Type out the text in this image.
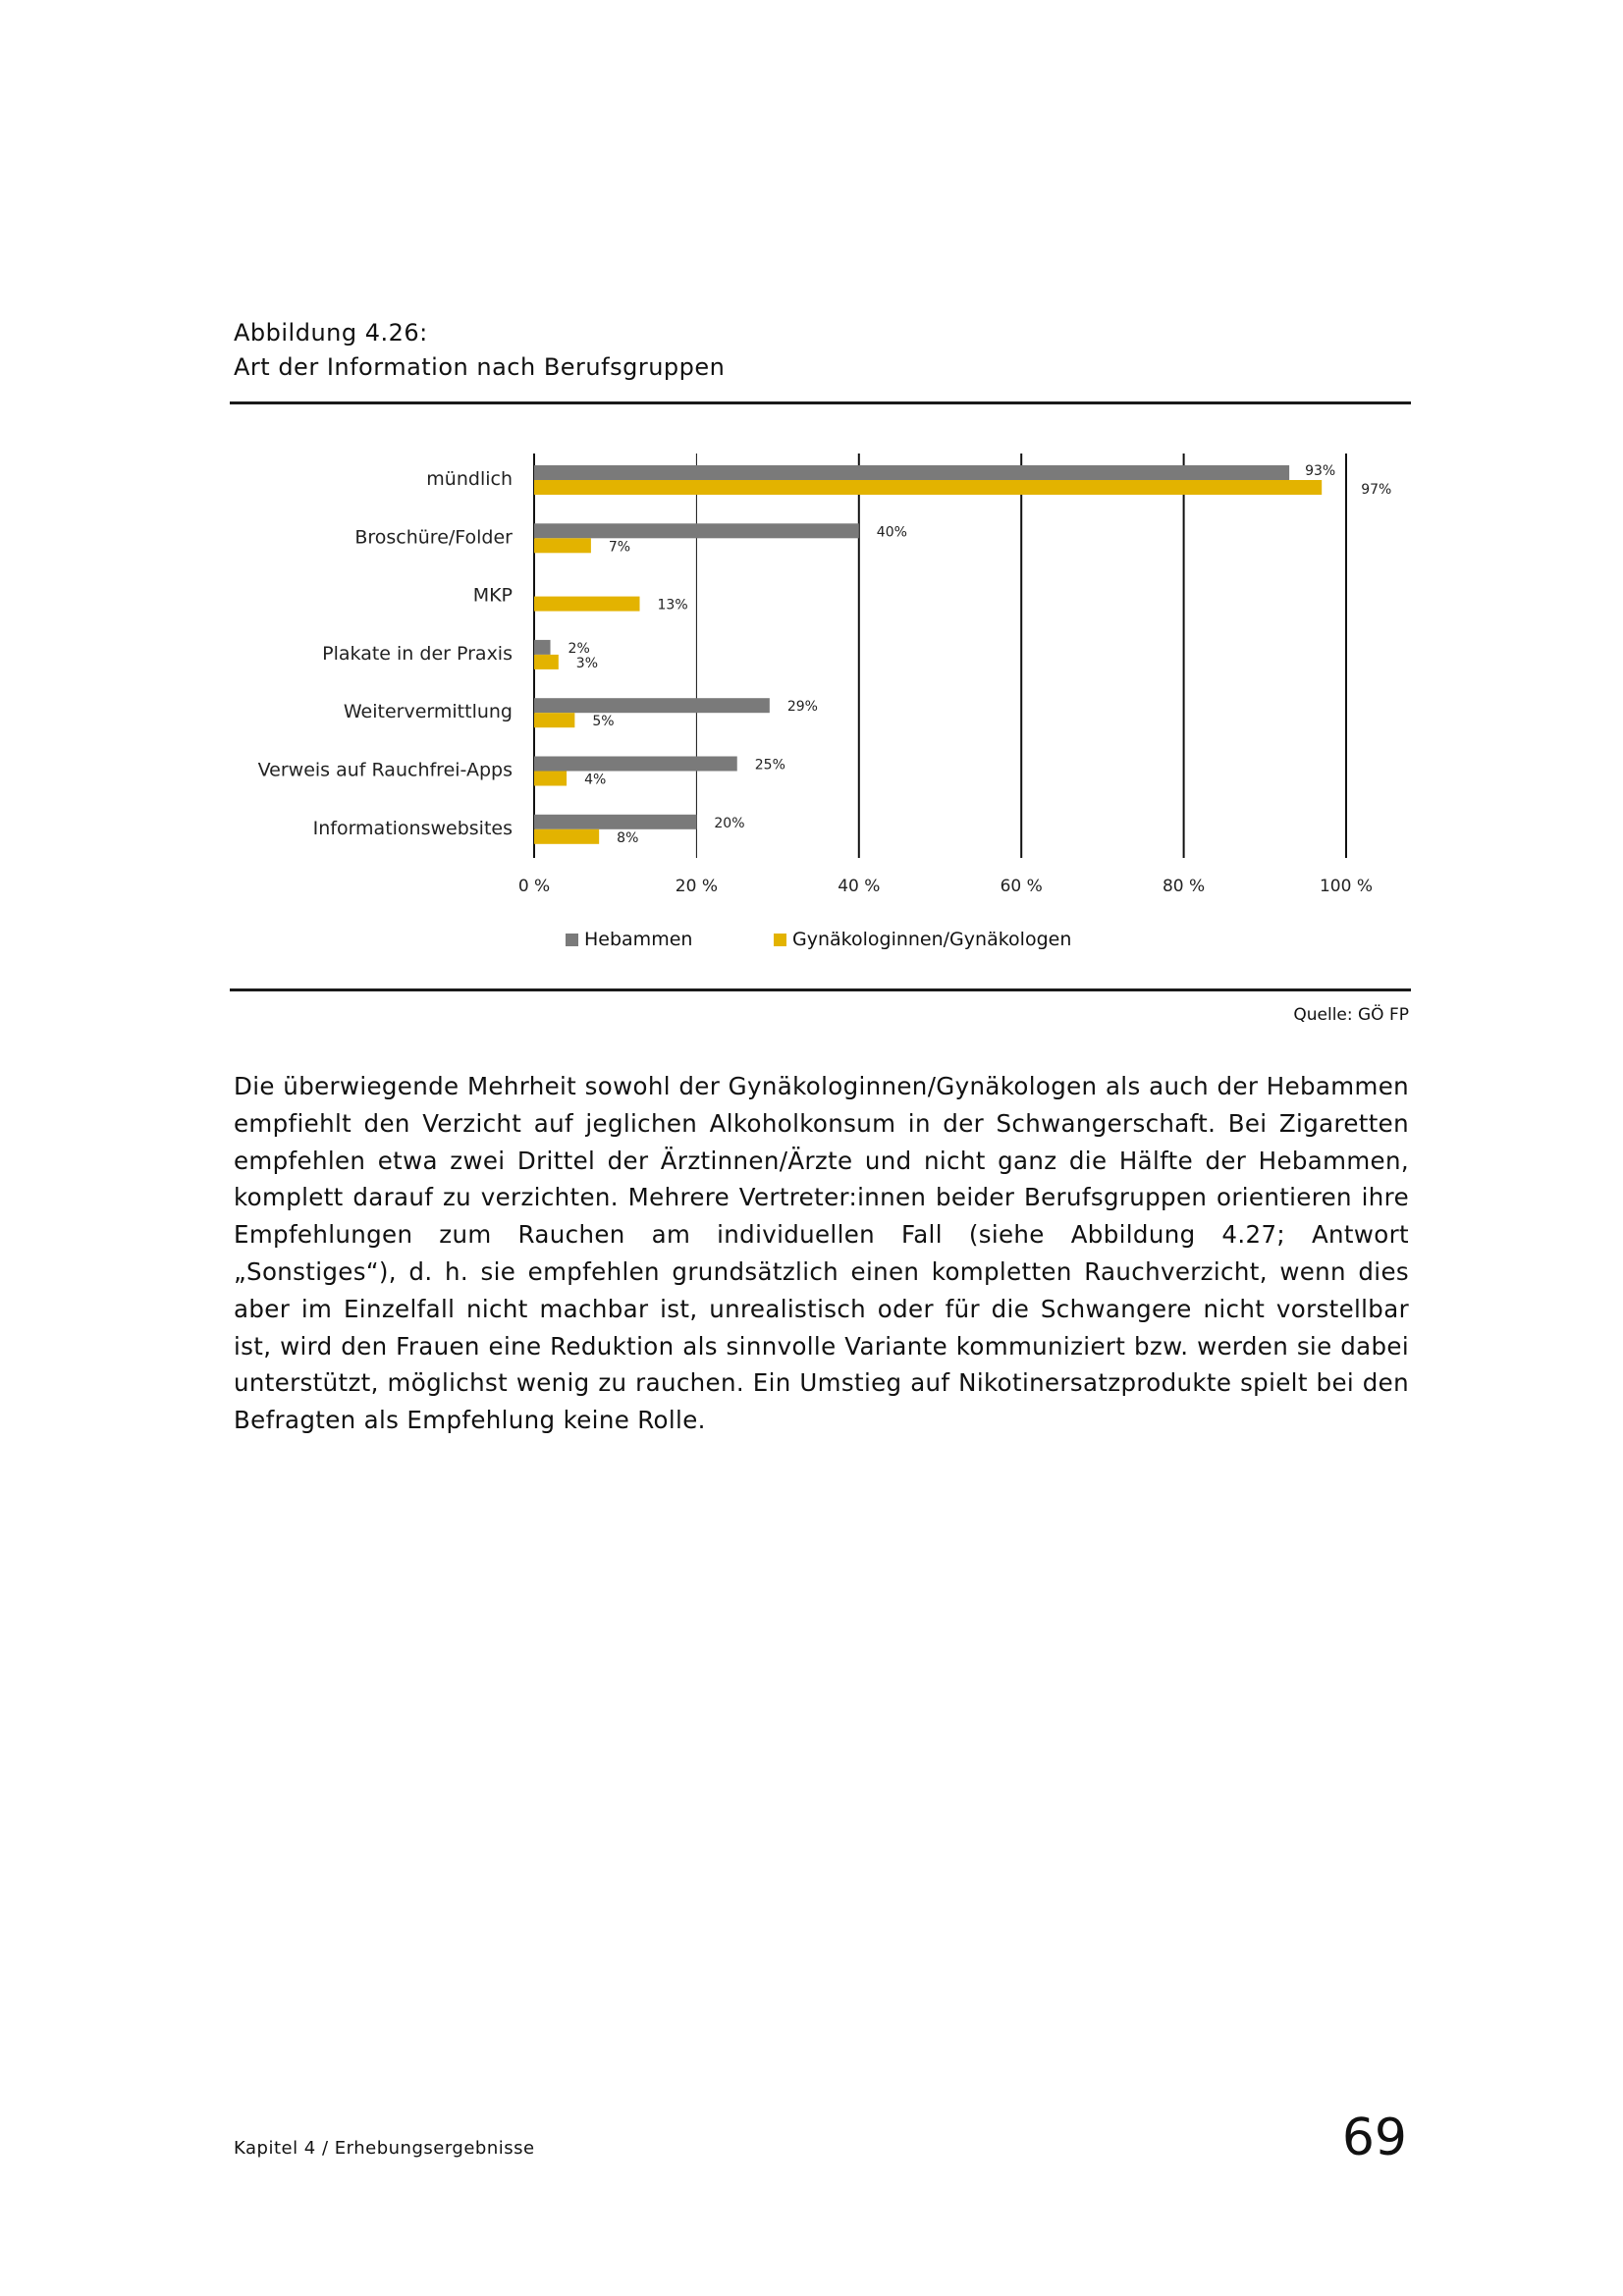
Abbildung 4.26:
Art der Information nach Berufsgruppen
0 %	20 %	40 %	60 %	80 %	100 %
mündlich	93%
97%
Broschüre/Folder	40%
7%
MKP	13%
Plakate in der Praxis	2%
3%
Weitervermittlung	29%
5%
Verweis auf Rauchfrei-Apps	25%
4%
Informationswebsites	20%
8%
Hebammen	Gynäkologinnen/Gynäkologen
Quelle: GÖ FP

Die überwiegende Mehrheit sowohl der Gynäkologinnen/Gynäkologen als auch der Hebammen empfiehlt den Verzicht auf jeglichen Alkoholkonsum in der Schwangerschaft. Bei Zigaretten empfehlen etwa zwei Drittel der Ärztinnen/Ärzte und nicht ganz die Hälfte der Hebammen, komplett darauf zu verzichten. Mehrere Vertreter:innen beider Berufsgruppen orientieren ihre Empfehlungen zum Rauchen am individuellen Fall (siehe Abbildung 4.27; Antwort „Sonstiges“), d. h. sie empfehlen grundsätzlich einen kompletten Rauchverzicht, wenn dies aber im Einzelfall nicht machbar ist, unrealistisch oder für die Schwangere nicht vorstellbar ist, wird den Frauen eine Reduktion als sinnvolle Variante kommuniziert bzw. werden sie dabei unterstützt, möglichst wenig zu rauchen. Ein Umstieg auf Nikotinersatzprodukte spielt bei den Befragten als Empfehlung keine Rolle.

Kapitel 4 / Erhebungsergebnisse	69
